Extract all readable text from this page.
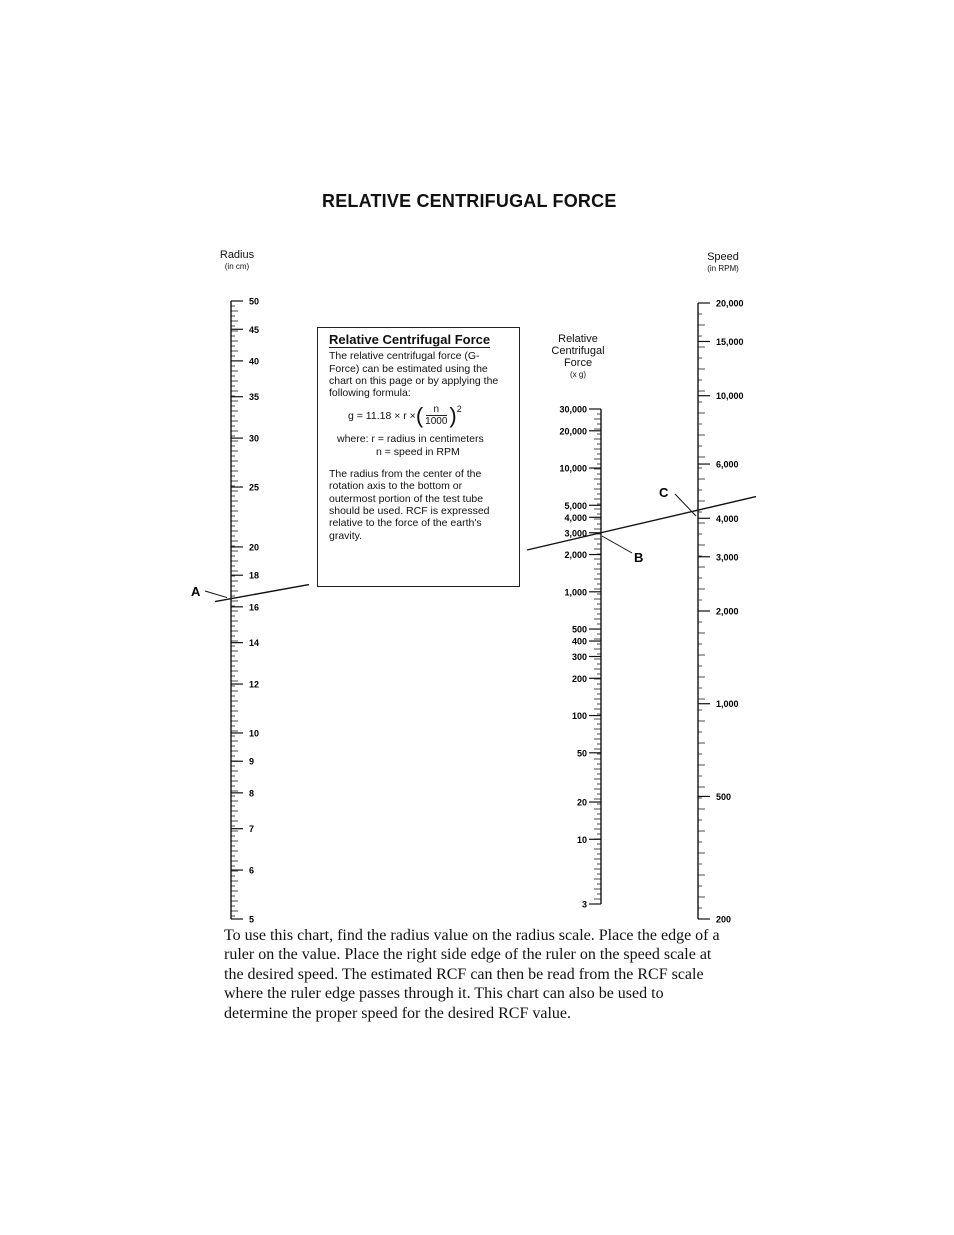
RELATIVE CENTRIFUGAL FORCE
Radius
(in cm)
Speed
(in RPM)
Relative Centrifugal Force
(x g)
Relative Centrifugal Force
The relative centrifugal force (G-Force) can be estimated using the chart on this page or by applying the following formula:
g = 11.18 × r × ( $\frac{n}{1000}$ ) 2
where: r = radius in centimeters
n = speed in RPM
The radius from the center of the rotation axis to the bottom or outermost portion of the test tube should be used. RCF is expressed relative to the force of the earth's gravity.
50
45
40
35
30
25
20
18
16
14
12
10
9
8
7
6
5
30,000
20,000
10,000
5,000
4,000
3,000
2,000
1,000
500
400
300
200
100
50
20
10
3
20,000
15,000
10,000
6,000
4,000
3,000
2,000
1,000
500
200
A
B
C
To use this chart, find the radius value on the radius scale. Place the edge of a ruler on the value. Place the right side edge of the ruler on the speed scale at the desired speed. The estimated RCF can then be read from the RCF scale where the ruler edge passes through it. This chart can also be used to determine the proper speed for the desired RCF value.
